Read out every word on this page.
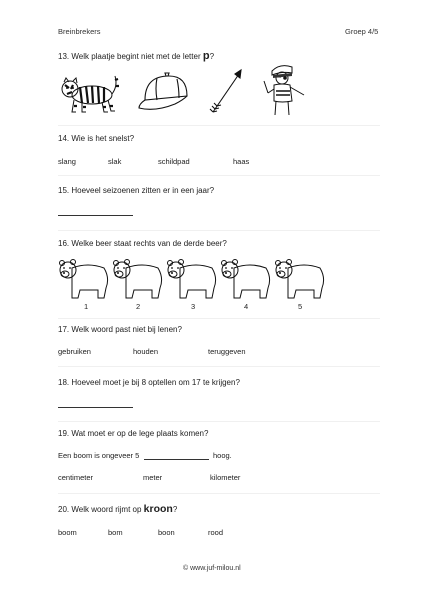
Breinbrekers	Groep 4/5
13. Welk plaatje begint niet met de letter p?
14. Wie is het snelst?
slang	slak	schildpad	haas
15. Hoeveel seizoenen zitten er in een jaar?
16. Welke beer staat rechts van de derde beer?
1	2	3	4	5
17. Welk woord past niet bij lenen?
gebruiken	houden	teruggeven
18. Hoeveel moet je bij 8 optellen om 17 te krijgen?
19. Wat moet er op de lege plaats komen?
Een boom is ongeveer 5	hoog.
centimeter	meter	kilometer
20. Welk woord rijmt op kroon?
boom	bom	boon	rood
© www.juf-milou.nl
